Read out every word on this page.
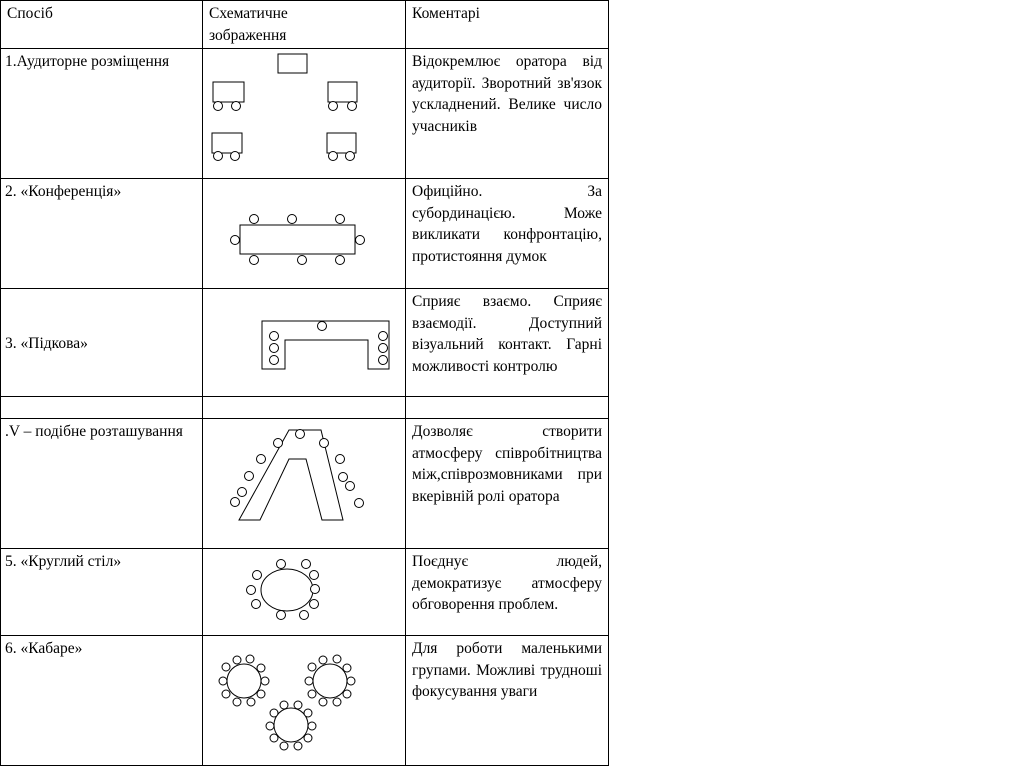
Спосіб	Схематичне зображення	Коментарі

1.Аудиторне розміщення		Відокремлює оратора від аудиторії. Зворотний зв'язок ускладнений. Велике число учасників

2. «Конференція»		Офиційно. За субординацією. Може викликати конфронтацію, протистояння думок

3. «Підкова»		Сприяє взаємо. Сприяє взаємодії. Доступний візуальний контакт. Гарні можливості контролю

.V – подібне розташування		Дозволяє створити атмосферу співробітництва між,співрозмовниками при вкерівній ролі оратора

5. «Круглий стіл»		Поєднує людей, демократизує атмосферу обговорення проблем.

6. «Кабаре»		Для роботи маленькими групами. Можливі трудноші фокусування уваги
